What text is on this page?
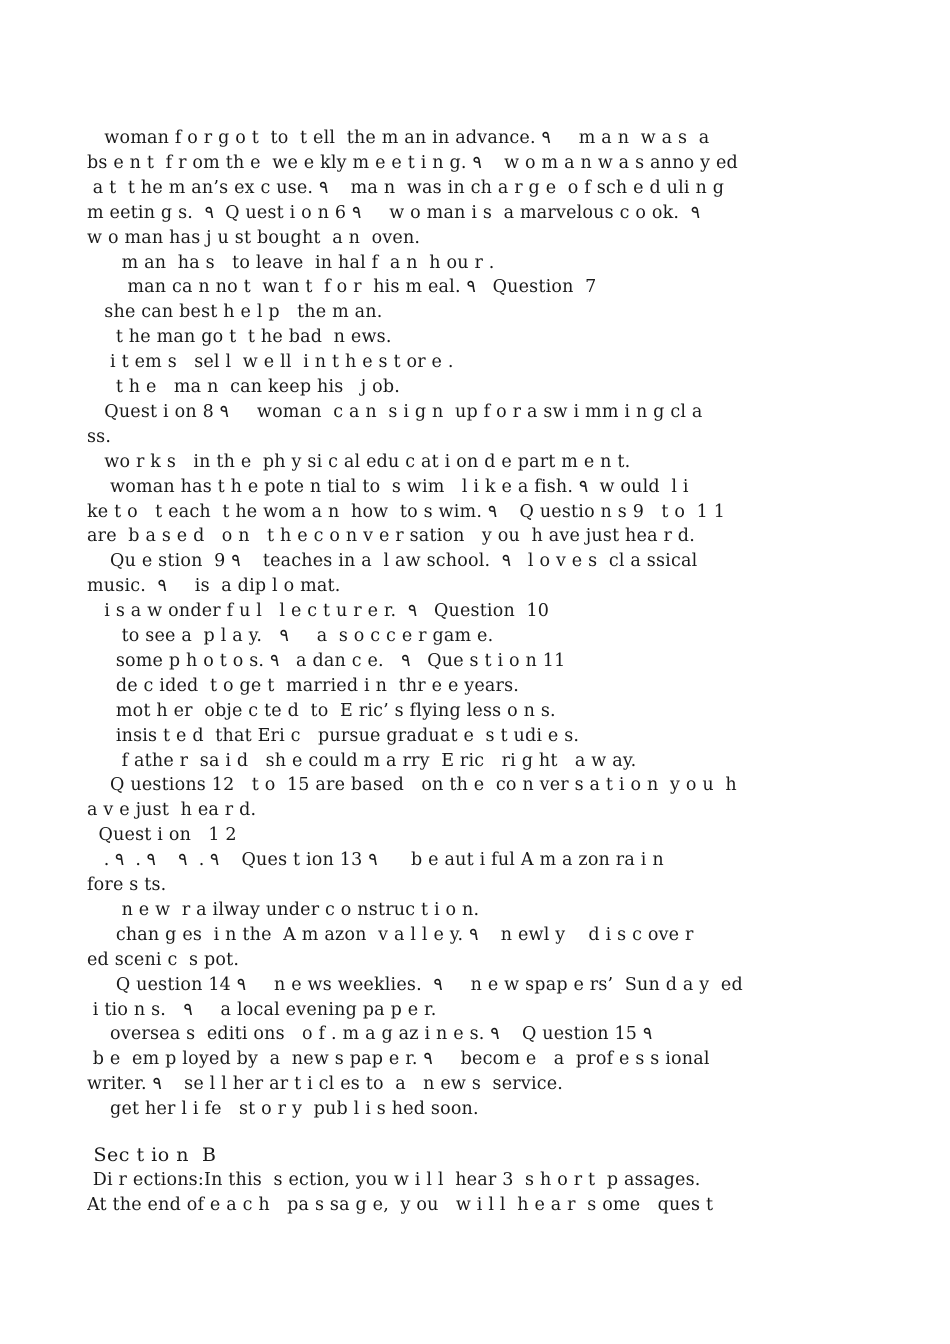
woman f o r g o t  to  t ell  the m an in advance. ٩     m a n  w a s  a
bs e n t  f r om th e  we e kly m e e t i n g. ٩    w o m a n w a s anno y ed
a t  t he m an’s ex c use. ٩    ma n  was in ch a r g e  o f sch e d uli n g
m eetin g s.  ٩  Q uest i o n 6 ٩     w o man i s  a marvelous c o ok.  ٩
w o man has j u st bought  a n  oven.
m an  ha s   to leave  in hal f  a n  h ou r .
man ca n no t  wan t  f o r  his m eal. ٩   Question  7
she can best h e l p   the m an.
t he man go t  t he bad  n ews.
i t em s   sel l  w e ll  i n t h e s t or e .
t h e   ma n  can keep his   j ob.
Quest i on 8 ٩     woman  c a n  s i g n  up f o r a sw i mm i n g cl a
ss.
wo r k s   in th e  ph y si c al edu c at i on d e part m e n t.
woman has t h e pote n tial to  s wim   l i k e a fish. ٩  w ould  l i
ke t o   t each  t he wom a n  how  to s wim. ٩    Q uestio n s 9   t o  1 1
are  b a s e d   o n   t h e c o n v e r sation   y ou  h ave just hea r d.
Qu e stion  9 ٩    teaches in a  l aw school.  ٩   l o v e s  cl a ssical
music.  ٩     is  a dip l o mat.
i s a w onder f u l   l e c t u r e r.  ٩   Question  10
to see a  p l a y.   ٩     a  s o c c e r gam e.
some p h o t o s. ٩   a dan c e.   ٩   Que s t i o n 11
de c ided  t o ge t  married i n  thr e e years.
mot h er  obje c te d  to  E ric’ s flying less o n s.
insis t e d  that Eri c   pursue graduat e  s t udi e s.
f athe r  sa i d   sh e could m a rry  E ric   ri g ht   a w ay.
Q uestions 12   t o  15 are based   on th e  co n ver s a t i o n  y o u  h
a v e just  h ea r d.
Quest i on   1 2
. ٩ .  ٩    ٩ .  ٩    Ques t ion 13 ٩      b e aut i ful A m a zon ra i n
fore s ts.
n e w  r a ilway under c o nstruc t i o n.
chan g es  i n the  A m azon  v a l l e y. ٩    n ewl y    d i s c ove r
ed sceni c  s pot.
Q uestion 14 ٩     n e ws weeklies.  ٩     n e w spap e rs’  Sun d a y  ed
i tio n s.   ٩     a local evening pa p e r.
oversea s  editi ons   o f . m a g az i n e s. ٩    Q uestion 15 ٩
b e  em p loyed by  a  new s pap e r. ٩     becom e   a  prof e s s ional
writer. ٩    se l l her ar t i cl es to  a   n ew s  service.
get her l i fe   st o r y  pub l i s hed soon.
Sec t io n  B
Di r ections:In this  s ection, you w i l l  hear 3  s h o r t  p assages.
At the end of e a c h   pa s sa g e,  y ou   w i l l  h e a r  s ome   ques t
